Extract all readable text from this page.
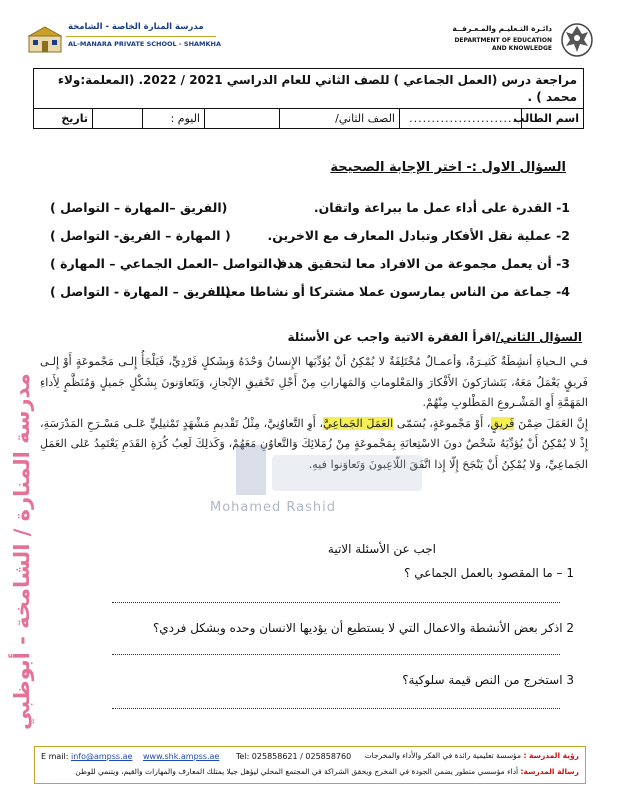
مدرسة المنارة الخاصة - الشامخة
AL-MANARA PRIVATE SCHOOL - SHAMKHA
دائـرة التـعليـم والمـعـرفــة
DEPARTMENT OF EDUCATION
AND KNOWLEDGE
مراجعة درس (العمل الجماعي ) للصف الثاني للعام الدراسي 2021 / 2022. (المعلمة:ولاء محمد ) .
اسم الطالب
........................
الصف الثاني/
اليوم :
تاريخ
السؤال الاول :- اختر الإجابة الصحيحة
1- القدرة على أداء عمل ما ببراعة واتقان.
(الفريق –المهارة – التواصل )
2- عملية نقل الأفكار وتبادل المعارف مع الاخرين.
( المهارة – الفريق- التواصل )
3- أن يعمل مجموعة من الافراد معا لتحقيق هدف.
( التواصل –العمل الجماعي – المهارة )
4- جماعة من الناس يمارسون عملا مشتركا أو نشاطا معينا
(الفريق – المهارة - التواصل )
السؤال الثاني/اقرأ الفقرة الاتية واجب عن الأسئلة

فـي الـحياةِ أنشِطَةٌ كَثيـرَةٌ، وَأعمـالٌ مُخْتَلِفَةٌ لا يُمْكِنُ أنْ يُؤدِّيَها الإِنسانُ وَحْدَهُ وَبِشَكلٍ فَرْدِيٍّ، فَيَلْجَأُ إِلـى مَجْموعَةٍ أَوْ إِلـى فَريقٍ يَعْمَلُ مَعَهُ، يَتَشارَكونَ الأَفْكارَ وَالمَعْلوماتِ وَالمَهاراتِ مِنْ أَجْلِ تَحْقيقِ الإنْجازِ، وَيَتَعاوَنونَ بِشَكْلٍ جَميلٍ وَمُنَظَّمٍ لِأَداءِ المَهَمَّةِ أَوِ المَشْـروعِ المَطْلوبِ مِنْهُمْ.

إِنَّ العَمَلَ ضِمْنَ فَريقٍ، أَوْ مَجْموعَةٍ، يُسَمّى العَمَلَ الجَماعِيَّ، أَوِ التَّعاوُنِيَّ، مِثْلُ تَقْديمِ مَشْهَدٍ تَمْثيلِيٍّ عَلـى مَسْـرَحِ المَدْرَسَةِ، إِذْ لا يُمْكِنُ أَنْ يُؤدِّيَهُ شَخْصٌ دونَ الاسْتِعانَةِ بِمَجْموعَةٍ مِنْ زُمَلائِكَ وَالتَّعاوُنِ مَعَهُمْ، وَكَذلِكَ لَعِبُ كُرَةِ القَدَمِ يَعْتَمِدُ عَلى العَمَلِ الجَماعِيِّ، وَلا يُمْكِنُ أَنْ يَنْجَحَ إِلّا إِذا اتَّفَقَ اللّاعِبونَ وَتَعاوَنوا فيهِ.

Mohamed Rashid
اجب عن الأسئلة الاتية
1 – ما المقصود بالعمل الجماعي ؟
2 اذكر بعض الأنشطة والاعمال التي لا يستطيع أن يؤديها الانسان وحده وبشكل فردي؟
3 استخرج من النص قيمة سلوكية؟
مدرسة المنارة / الشامخة - أبوظبي
E mail: info@ampss.ae www.shk.ampss.ae Tel: 025858621 / 025858760	رؤية المدرسة : مؤسسة تعليمية رائدة في الفكر والأداء والمخرجات
رسالة المدرسة: أداء مؤسسي متطور يضمن الجودة في المخرج ويحقق الشراكة في المجتمع المحلي ليؤهل جيلا يمتلك المعارف والمهارات والقيم، ويتنمي للوطن
